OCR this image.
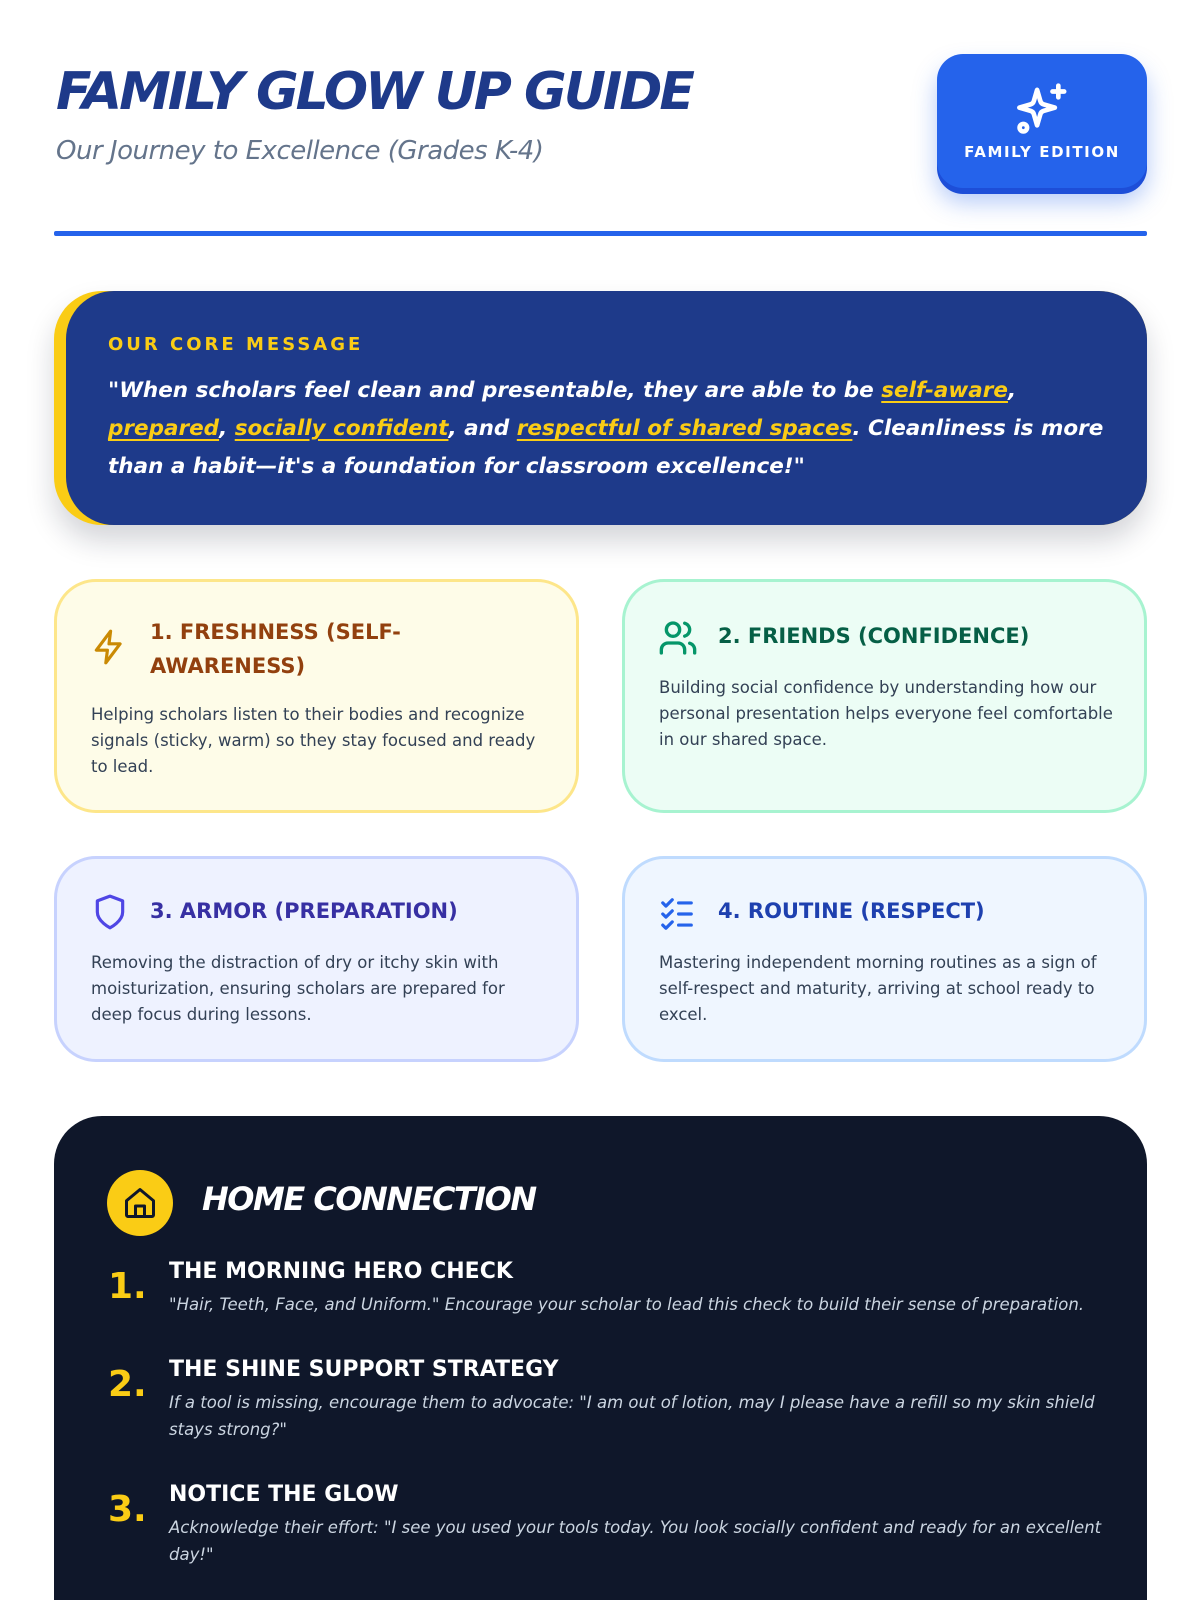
FAMILY GLOW UP GUIDE

Our Journey to Excellence (Grades K-4)	FAMILY EDITION
OUR CORE MESSAGE

"When scholars feel clean and presentable, they are able to be self-aware, prepared, socially confident, and respectful of shared spaces. Cleanliness is more than a habit—it's a foundation for classroom excellence!"

1. FRESHNESS (SELF-AWARENESS)

Helping scholars listen to their bodies and recognize signals (sticky, warm) so they stay focused and ready to lead.

2. FRIENDS (CONFIDENCE)

Building social confidence by understanding how our personal presentation helps everyone feel comfortable in our shared space.

3. ARMOR (PREPARATION)

Removing the distraction of dry or itchy skin with moisturization, ensuring scholars are prepared for deep focus during lessons.

4. ROUTINE (RESPECT)

Mastering independent morning routines as a sign of self-respect and maturity, arriving at school ready to excel.

HOME CONNECTION
1. THE MORNING HERO CHECK

"Hair, Teeth, Face, and Uniform." Encourage your scholar to lead this check to build their sense of preparation.

2. THE SHINE SUPPORT STRATEGY

If a tool is missing, encourage them to advocate: "I am out of lotion, may I please have a refill so my skin shield stays strong?"

3. NOTICE THE GLOW

Acknowledge their effort: "I see you used your tools today. You look socially confident and ready for an excellent day!"
